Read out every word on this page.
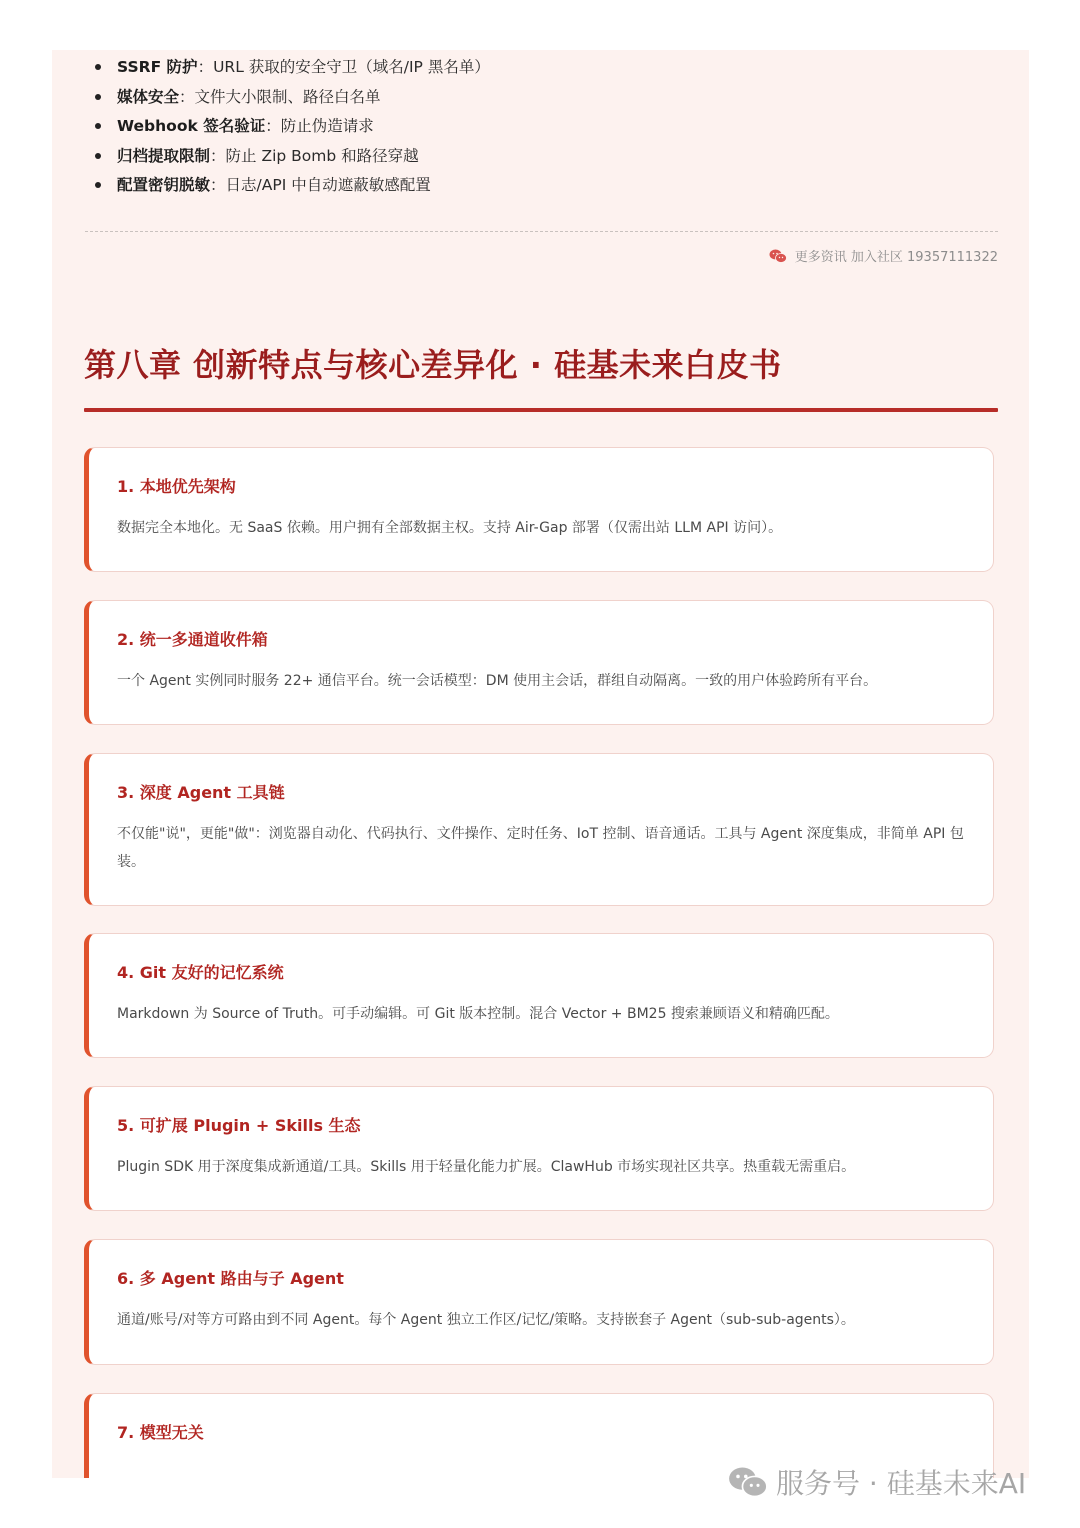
SSRF 防护：URL 获取的安全守卫（域名/IP 黑名单）
媒体安全：文件大小限制、路径白名单
Webhook 签名验证：防止伪造请求
归档提取限制：防止 Zip Bomb 和路径穿越
配置密钥脱敏：日志/API 中自动遮蔽敏感配置
更多资讯 加入社区 19357111322
第八章 创新特点与核心差异化 · 硅基未来白皮书
1. 本地优先架构
数据完全本地化。无 SaaS 依赖。用户拥有全部数据主权。支持 Air-Gap 部署（仅需出站 LLM API 访问）。
2. 统一多通道收件箱
一个 Agent 实例同时服务 22+ 通信平台。统一会话模型：DM 使用主会话，群组自动隔离。一致的用户体验跨所有平台。
3. 深度 Agent 工具链
不仅能"说"，更能"做"：浏览器自动化、代码执行、文件操作、定时任务、IoT 控制、语音通话。工具与 Agent 深度集成，非简单 API 包装。
4. Git 友好的记忆系统
Markdown 为 Source of Truth。可手动编辑。可 Git 版本控制。混合 Vector + BM25 搜索兼顾语义和精确匹配。
5. 可扩展 Plugin + Skills 生态
Plugin SDK 用于深度集成新通道/工具。Skills 用于轻量化能力扩展。ClawHub 市场实现社区共享。热重载无需重启。
6. 多 Agent 路由与子 Agent
通道/账号/对等方可路由到不同 Agent。每个 Agent 独立工作区/记忆/策略。支持嵌套子 Agent（sub-sub-agents）。
7. 模型无关
服务号 · 硅基未来AI
